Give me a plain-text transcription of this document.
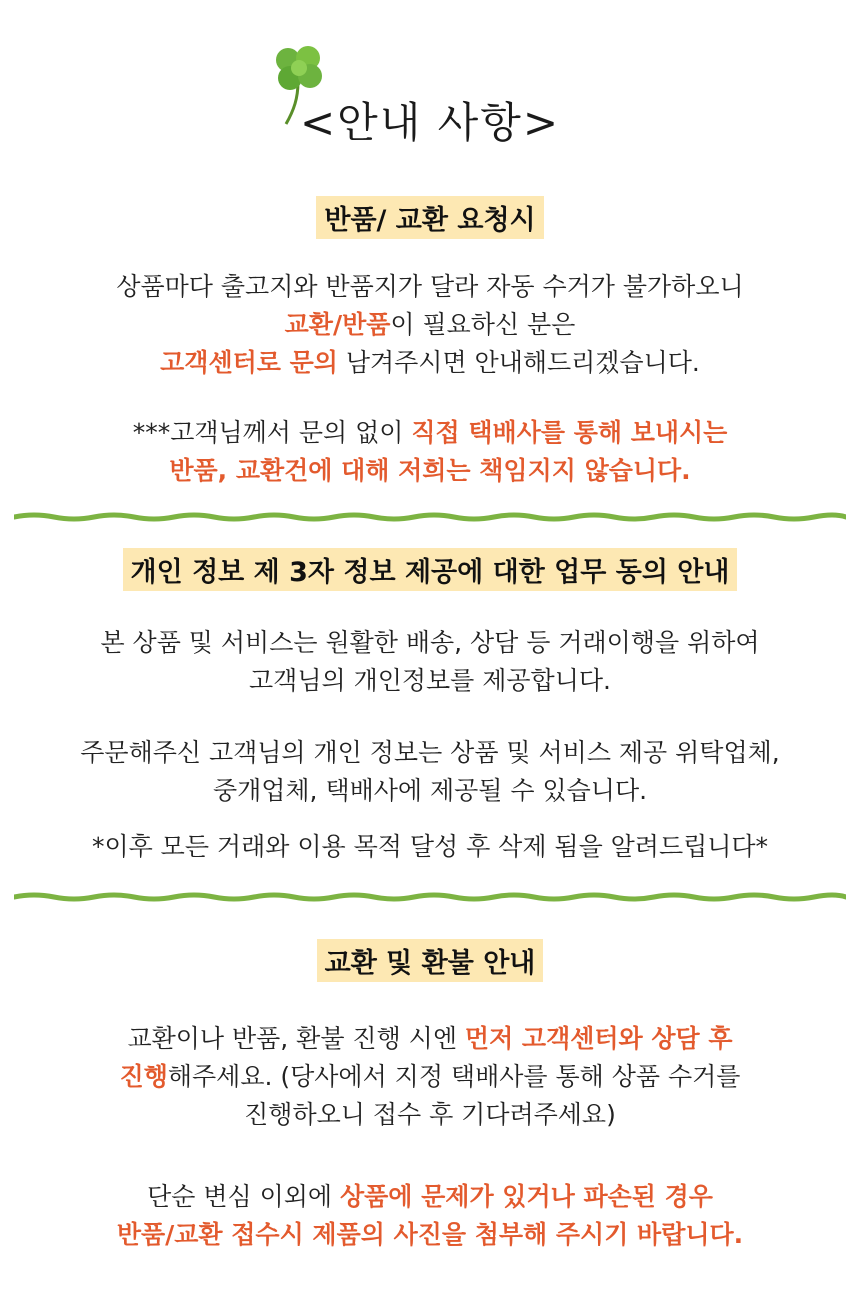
<안내 사항>
반품/ 교환 요청시
상품마다 출고지와 반품지가 달라 자동 수거가 불가하오니
교환/반품이 필요하신 분은
고객센터로 문의 남겨주시면 안내해드리겠습니다.
***고객님께서 문의 없이 직접 택배사를 통해 보내시는
반품, 교환건에 대해 저희는 책임지지 않습니다.
개인 정보 제 3자 정보 제공에 대한 업무 동의 안내
본 상품 및 서비스는 원활한 배송, 상담 등 거래이행을 위하여
고객님의 개인정보를 제공합니다.
주문해주신 고객님의 개인 정보는 상품 및 서비스 제공 위탁업체,
중개업체, 택배사에 제공될 수 있습니다.
*이후 모든 거래와 이용 목적 달성 후 삭제 됨을 알려드립니다*
교환 및 환불 안내
교환이나 반품, 환불 진행 시엔 먼저 고객센터와 상담 후
진행해주세요. (당사에서 지정 택배사를 통해 상품 수거를
진행하오니 접수 후 기다려주세요)
단순 변심 이외에 상품에 문제가 있거나 파손된 경우
반품/교환 접수시 제품의 사진을 첨부해 주시기 바랍니다.
